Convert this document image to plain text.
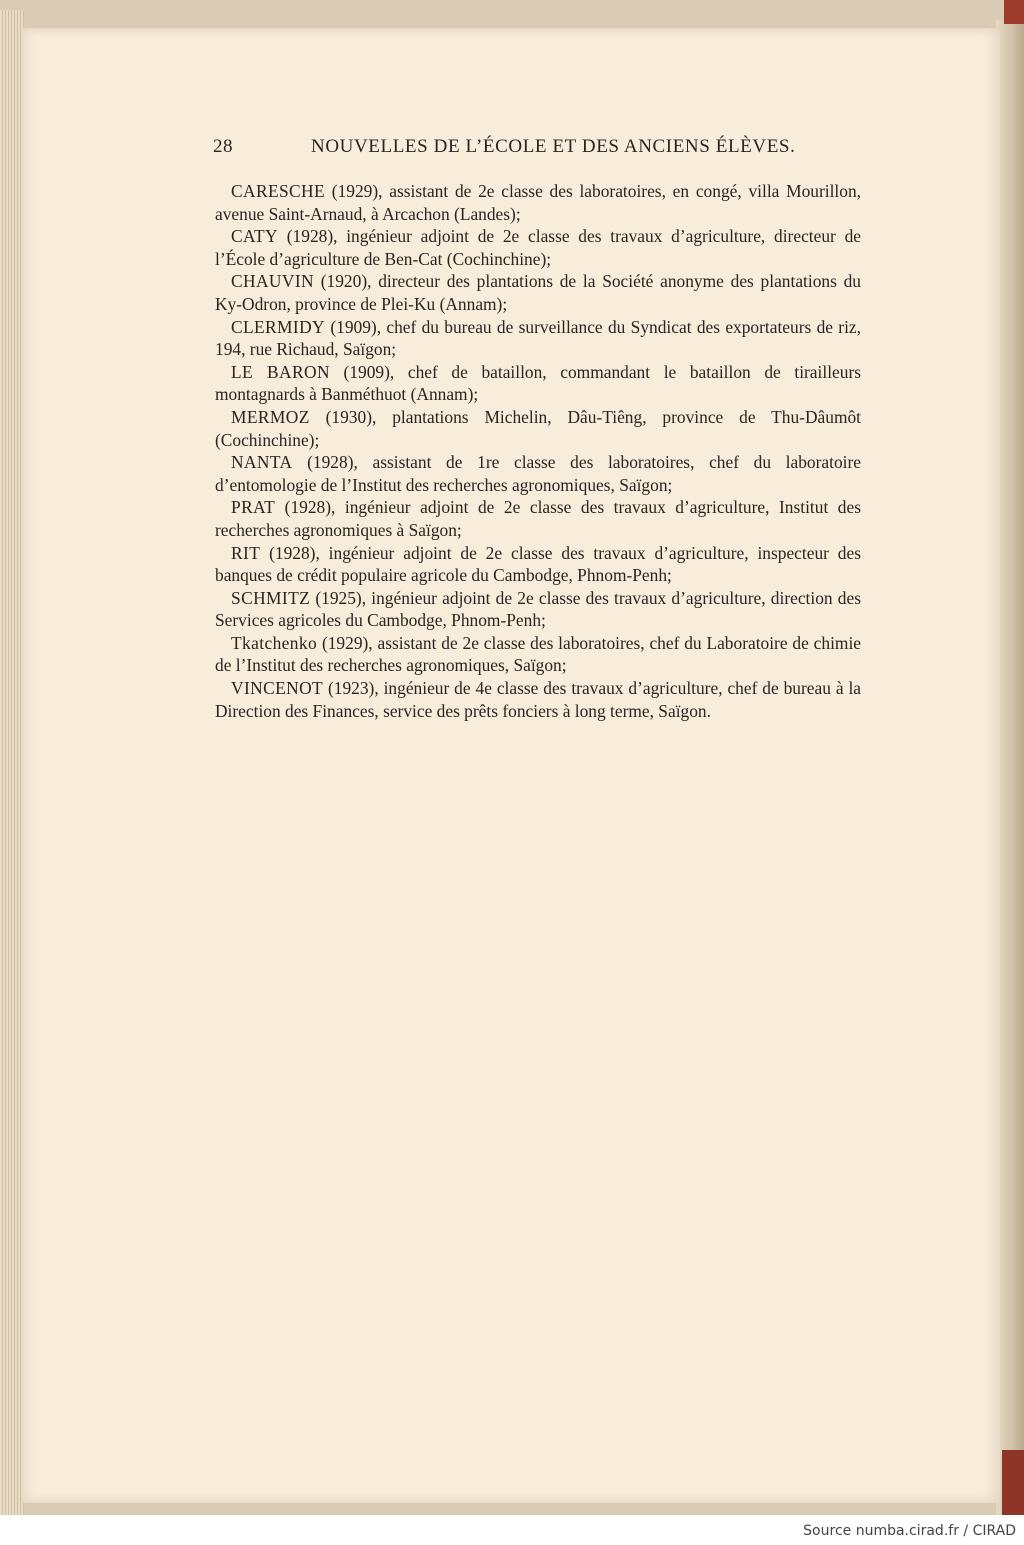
28	NOUVELLES DE L’ÉCOLE ET DES ANCIENS ÉLÈVES.

CARESCHE (1929), assistant de 2e classe des laboratoires, en congé, villa Mourillon, avenue Saint-Arnaud, à Arcachon (Landes);

CATY (1928), ingénieur adjoint de 2e classe des travaux d’agriculture, directeur de l’École d’agriculture de Ben-Cat (Cochinchine);

CHAUVIN (1920), directeur des plantations de la Société anonyme des plantations du Ky-Odron, province de Plei-Ku (Annam);

CLERMIDY (1909), chef du bureau de surveillance du Syndicat des exportateurs de riz, 194, rue Richaud, Saïgon;

LE BARON (1909), chef de bataillon, commandant le bataillon de tirailleurs montagnards à Banméthuot (Annam);

MERMOZ (1930), plantations Michelin, Dâu-Tiêng, province de Thu-Dâumôt (Cochinchine);

NANTA (1928), assistant de 1re classe des laboratoires, chef du laboratoire d’entomologie de l’Institut des recherches agronomiques, Saïgon;

PRAT (1928), ingénieur adjoint de 2e classe des travaux d’agriculture, Institut des recherches agronomiques à Saïgon;

RIT (1928), ingénieur adjoint de 2e classe des travaux d’agriculture, inspecteur des banques de crédit populaire agricole du Cambodge, Phnom-Penh;

SCHMITZ (1925), ingénieur adjoint de 2e classe des travaux d’agriculture, direction des Services agricoles du Cambodge, Phnom-Penh;

Tkatchenko (1929), assistant de 2e classe des laboratoires, chef du Laboratoire de chimie de l’Institut des recherches agronomiques, Saïgon;

VINCENOT (1923), ingénieur de 4e classe des travaux d’agriculture, chef de bureau à la Direction des Finances, service des prêts fonciers à long terme, Saïgon.

Source numba.cirad.fr / CIRAD
